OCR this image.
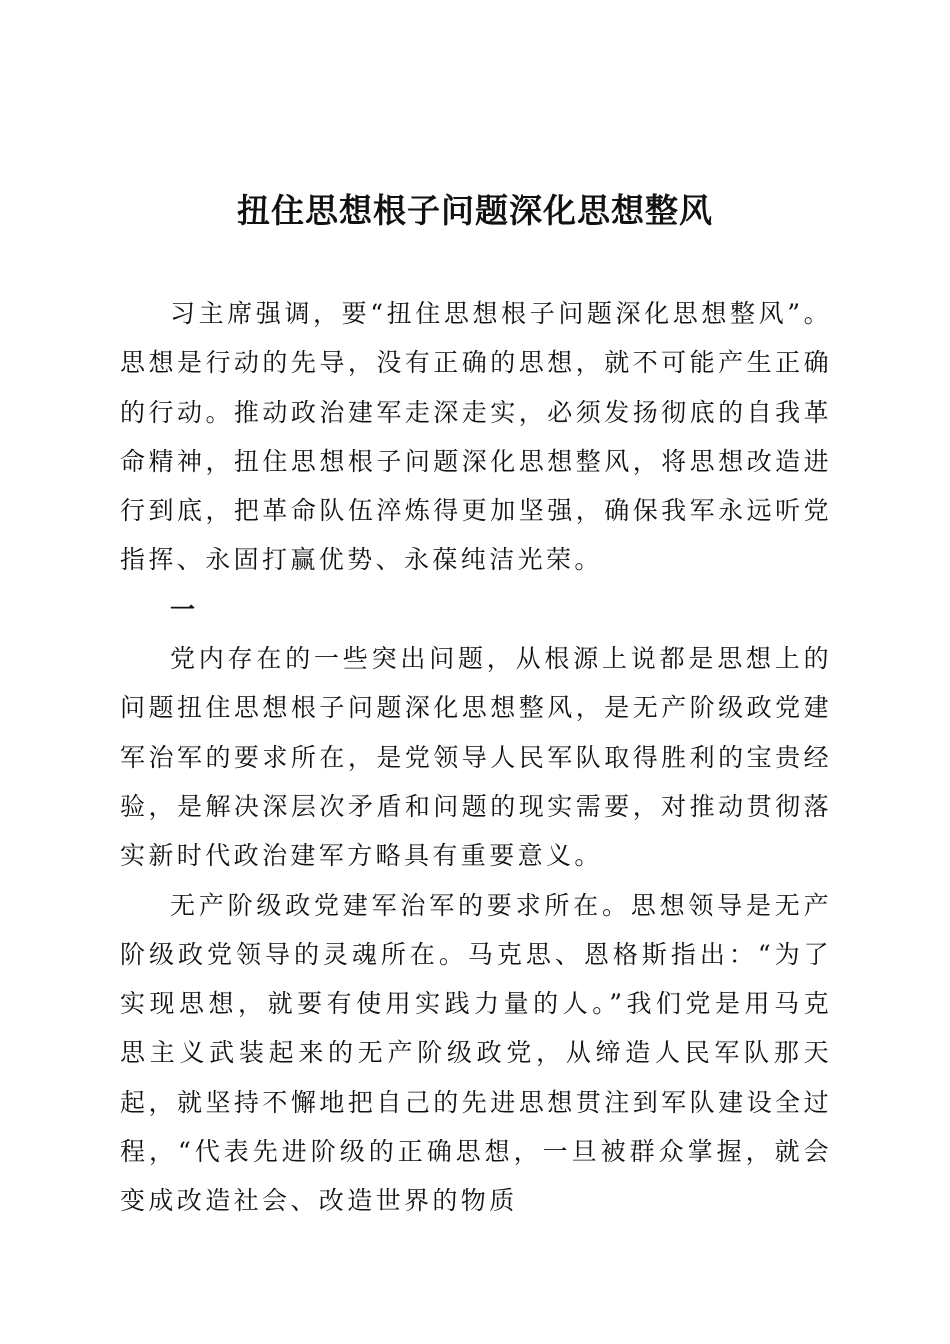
扭住思想根子问题深化思想整风

习主席强调，要“扭住思想根子问题深化思想整风”。思想是行动的先导，没有正确的思想，就不可能产生正确的行动。推动政治建军走深走实，必须发扬彻底的自我革命精神，扭住思想根子问题深化思想整风，将思想改造进行到底，把革命队伍淬炼得更加坚强，确保我军永远听党指挥、永固打赢优势、永葆纯洁光荣。

一

党内存在的一些突出问题，从根源上说都是思想上的问题扭住思想根子问题深化思想整风，是无产阶级政党建军治军的要求所在，是党领导人民军队取得胜利的宝贵经验，是解决深层次矛盾和问题的现实需要，对推动贯彻落实新时代政治建军方略具有重要意义。

无产阶级政党建军治军的要求所在。思想领导是无产阶级政党领导的灵魂所在。马克思、恩格斯指出：“为了实现思想，就要有使用实践力量的人。”我们党是用马克思主义武装起来的无产阶级政党，从缔造人民军队那天起，就坚持不懈地把自己的先进思想贯注到军队建设全过程，“代表先进阶级的正确思想，一旦被群众掌握，就会变成改造社会、改造世界的物质
